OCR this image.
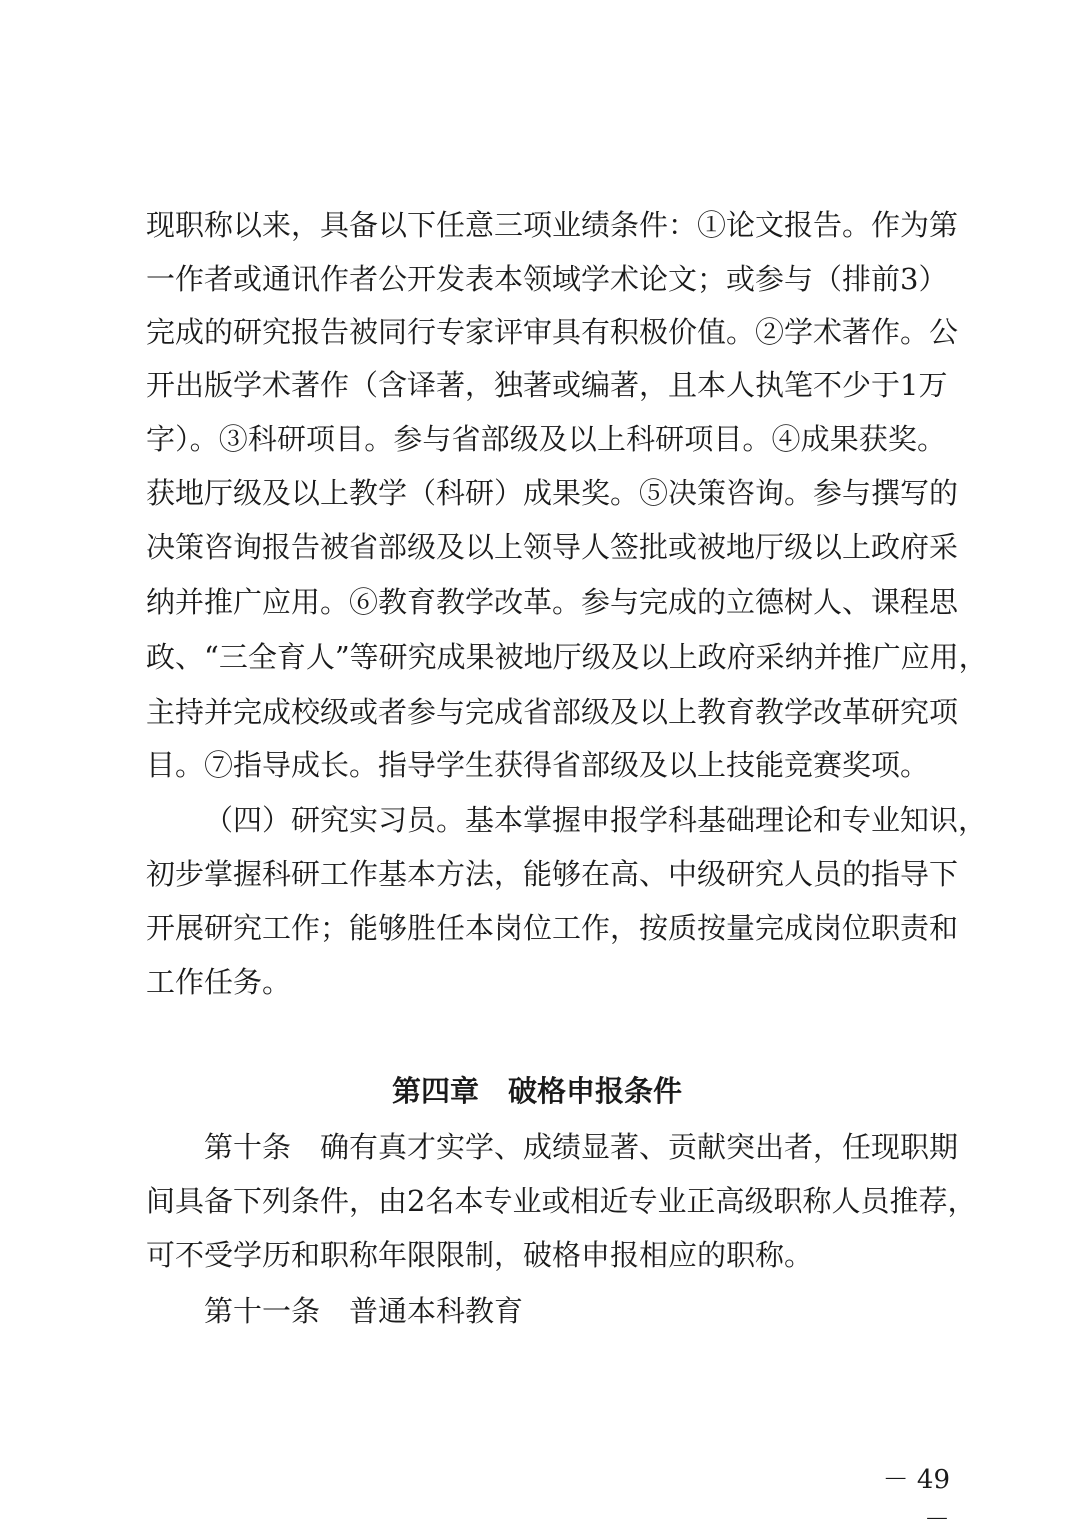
现职称以来，具备以下任意三项业绩条件：①论文报告。作为第
一作者或通讯作者公开发表本领域学术论文；或参与（排前3）
完成的研究报告被同行专家评审具有积极价值。②学术著作。公
开出版学术著作（含译著，独著或编著，且本人执笔不少于1万
字）。③科研项目。参与省部级及以上科研项目。④成果获奖。
获地厅级及以上教学（科研）成果奖。⑤决策咨询。参与撰写的
决策咨询报告被省部级及以上领导人签批或被地厅级以上政府采
纳并推广应用。⑥教育教学改革。参与完成的立德树人、课程思
政、“三全育人”等研究成果被地厅级及以上政府采纳并推广应用，
主持并完成校级或者参与完成省部级及以上教育教学改革研究项
目。⑦指导成长。指导学生获得省部级及以上技能竞赛奖项。
（四）研究实习员。基本掌握申报学科基础理论和专业知识，
初步掌握科研工作基本方法，能够在高、中级研究人员的指导下
开展研究工作；能够胜任本岗位工作，按质按量完成岗位职责和
工作任务。
第四章　破格申报条件
第十条　确有真才实学、成绩显著、贡献突出者，任现职期
间具备下列条件，由2名本专业或相近专业正高级职称人员推荐，
可不受学历和职称年限限制，破格申报相应的职称。
第十一条　普通本科教育
－ 49 －
